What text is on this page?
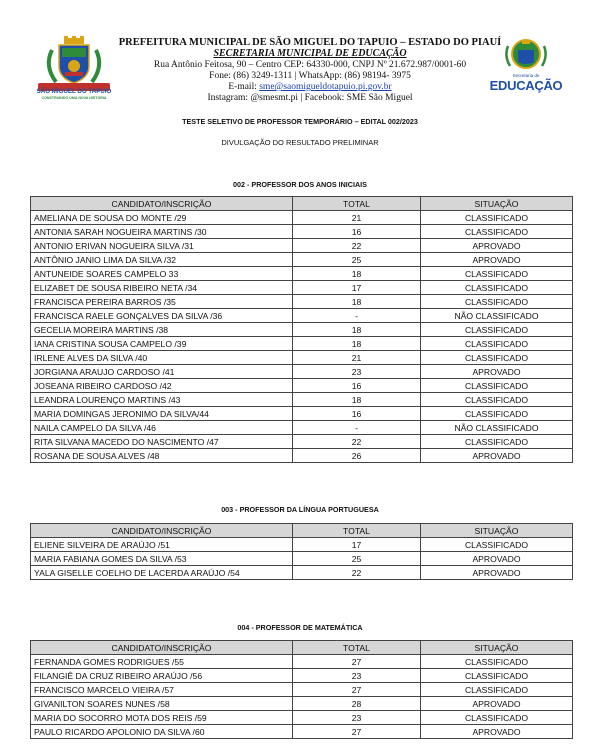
SÃO MIGUEL DO TAPUIO
CONSTRUINDO UMA NOVA HISTÓRIA
PREFEITURA MUNICIPAL DE SÃO MIGUEL DO TAPUIO – ESTADO DO PIAUÍ
SECRETARIA MUNICIPAL DE EDUCAÇÃO
Rua Antônio Feitosa, 90 – Centro CEP: 64330-000, CNPJ Nº 21.672.987/0001-60
Fone: (86) 3249-1311 | WhatsApp: (86) 98194- 3975
E-mail: sme@saomigueldotapuio.pi.gov.br
Instagram: @smesmt.pi | Facebook: SME São Miguel
Secretaria de
EDUCAÇÃO
TESTE SELETIVO DE PROFESSOR TEMPORÁRIO – EDITAL 002/2023
DIVULGAÇÃO DO RESULTADO PRELIMINAR
002 - PROFESSOR DOS ANOS INICIAIS
CANDIDATO/INSCRIÇÃO	TOTAL	SITUAÇÃO
AMELIANA DE SOUSA DO MONTE /29	21	CLASSIFICADO
ANTONIA SARAH NOGUEIRA MARTINS /30	16	CLASSIFICADO
ANTONIO ERIVAN NOGUEIRA SILVA /31	22	APROVADO
ANTÔNIO JANIO LIMA DA SILVA /32	25	APROVADO
ANTUNEIDE SOARES CAMPELO 33	18	CLASSIFICADO
ELIZABET DE SOUSA RIBEIRO NETA /34	17	CLASSIFICADO
FRANCISCA PEREIRA BARROS /35	18	CLASSIFICADO
FRANCISCA RAELE GONÇALVES DA SILVA /36	-	NÃO CLASSIFICADO
GECELIA MOREIRA MARTINS /38	18	CLASSIFICADO
IANA CRISTINA SOUSA CAMPELO /39	18	CLASSIFICADO
IRLENE ALVES DA SILVA /40	21	CLASSIFICADO
JORGIANA ARAUJO CARDOSO /41	23	APROVADO
JOSEANA RIBEIRO CARDOSO /42	16	CLASSIFICADO
LEANDRA LOURENÇO MARTINS /43	18	CLASSIFICADO
MARIA DOMINGAS JERONIMO DA SILVA/44	16	CLASSIFICADO
NAILA CAMPELO DA SILVA /46	-	NÃO CLASSIFICADO
RITA SILVANA MACEDO DO NASCIMENTO /47	22	CLASSIFICADO
ROSANA DE SOUSA ALVES /48	26	APROVADO
003 - PROFESSOR DA LÍNGUA PORTUGUESA
CANDIDATO/INSCRIÇÃO	TOTAL	SITUAÇÃO
ELIENE SILVEIRA DE ARAÚJO /51	17	CLASSIFICADO
MARIA FABIANA GOMES DA SILVA /53	25	APROVADO
YALA GISELLE COELHO DE LACERDA ARAÚJO /54	22	APROVADO
004 - PROFESSOR DE MATEMÁTICA
CANDIDATO/INSCRIÇÃO	TOTAL	SITUAÇÃO
FERNANDA GOMES RODRIGUES /55	27	CLASSIFICADO
FILANGIÊ DA CRUZ RIBEIRO ARAÚJO /56	23	CLASSIFICADO
FRANCISCO MARCELO VIEIRA /57	27	CLASSIFICADO
GIVANILTON SOARES NUNES /58	28	APROVADO
MARIA DO SOCORRO MOTA DOS REIS /59	23	CLASSIFICADO
PAULO RICARDO APOLONIO DA SILVA /60	27	APROVADO
